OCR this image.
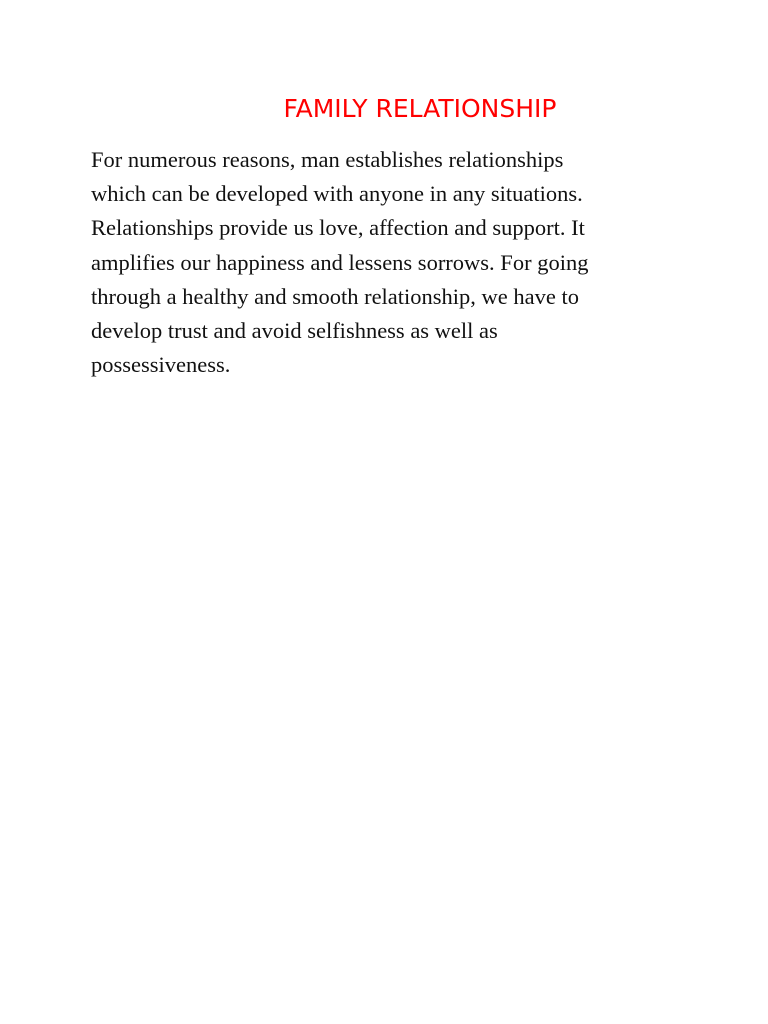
FAMILY RELATIONSHIP
For numerous reasons, man establishes relationships
which can be developed with anyone in any situations.
Relationships provide us love, affection and support. It
amplifies our happiness and lessens sorrows. For going
through a healthy and smooth relationship, we have to
develop trust and avoid selfishness as well as
possessiveness.
